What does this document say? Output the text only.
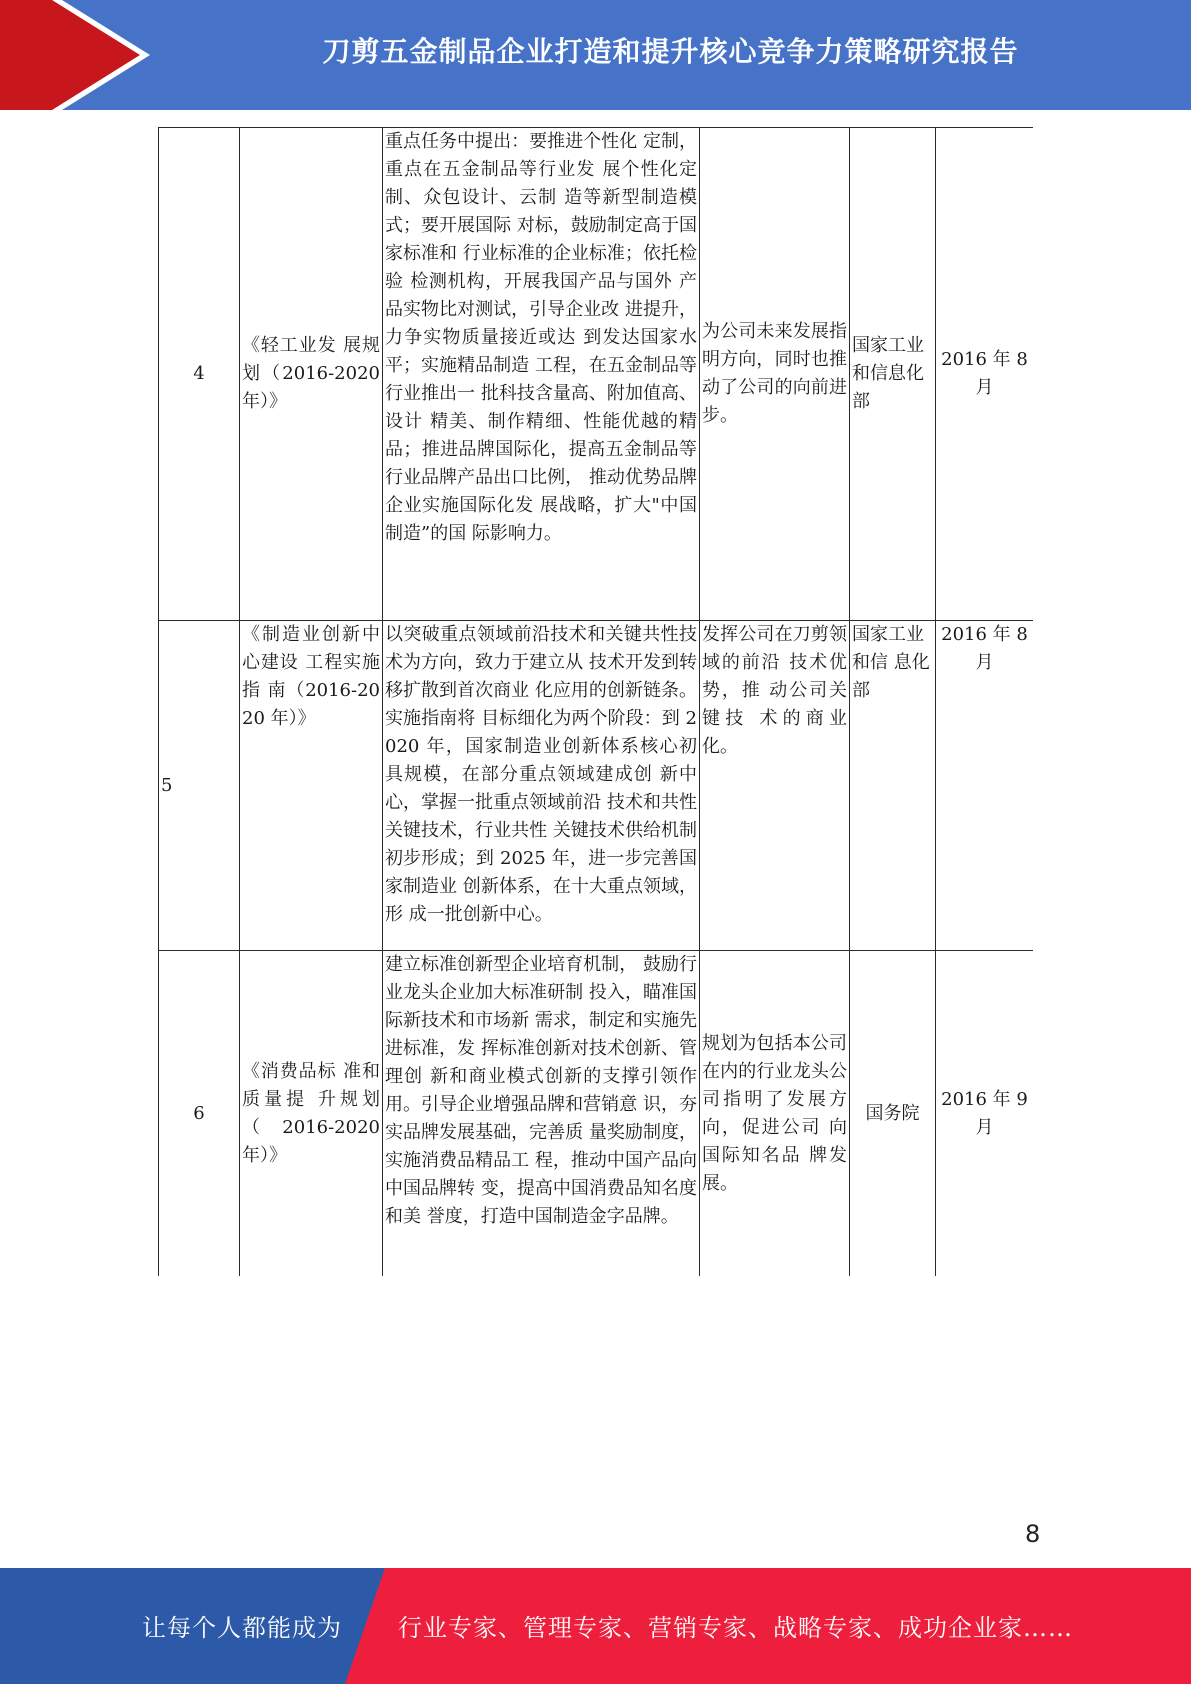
刀剪五金制品企业打造和提升核心竞争力策略研究报告
4	《轻工业发 展规划（2016-2020 年）》	重点任务中提出：要推进个性化 定制，重点在五金制品等行业发 展个性化定制、众包设计、云制 造等新型制造模式；要开展国际 对标，鼓励制定高于国家标准和 行业标准的企业标准；依托检验 检测机构，开展我国产品与国外 产品实物比对测试，引导企业改 进提升，力争实物质量接近或达 到发达国家水平；实施精品制造 工程，在五金制品等行业推出一 批科技含量高、附加值高、设计 精美、制作精细、性能优越的精 品；推进品牌国际化，提高五金制品等行业品牌产品出口比例， 推动优势品牌企业实施国际化发 展战略，扩大"中国制造”的国 际影响力。	为公司未来发展指明方向，同时也推动了公司的向前进步。	国家工业和信息化部	2016 年 8 月
5	《制造业创新中心建设 工程实施指 南（2016-2020 年）》	以突破重点领域前沿技术和关键共性技术为方向，致力于建立从 技术开发到转移扩散到首次商业 化应用的创新链条。实施指南将 目标细化为两个阶段：到 2020 年，国家制造业创新体系核心初 具规模，在部分重点领域建成创 新中心，掌握一批重点领域前沿 技术和共性关键技术，行业共性 关键技术供给机制初步形成；到 2025 年，进一步完善国家制造业 创新体系，在十大重点领域，形 成一批创新中心。	发挥公司在刀剪领域的前沿 技术优势，推 动公司关键技 术的商业化。	国家工业和信 息化部	2016 年 8 月
6	《消费品标 准和质量提 升规划（2016-2020 年）》	建立标准创新型企业培育机制， 鼓励行业龙头企业加大标准研制 投入，瞄准国际新技术和市场新 需求，制定和实施先进标准，发 挥标准创新对技术创新、管理创 新和商业模式创新的支撑引领作 用。引导企业增强品牌和营销意 识，夯实品牌发展基础，完善质 量奖励制度，实施消费品精品工 程，推动中国产品向中国品牌转 变，提高中国消费品知名度和美 誉度，打造中国制造金字品牌。	规划为包括本公司在内的行业龙头公司指明了发展方 向，促进公司 向国际知名品 牌发展。	国务院	2016 年 9 月
8
让每个人都能成为 行业专家、管理专家、营销专家、战略专家、成功企业家……
